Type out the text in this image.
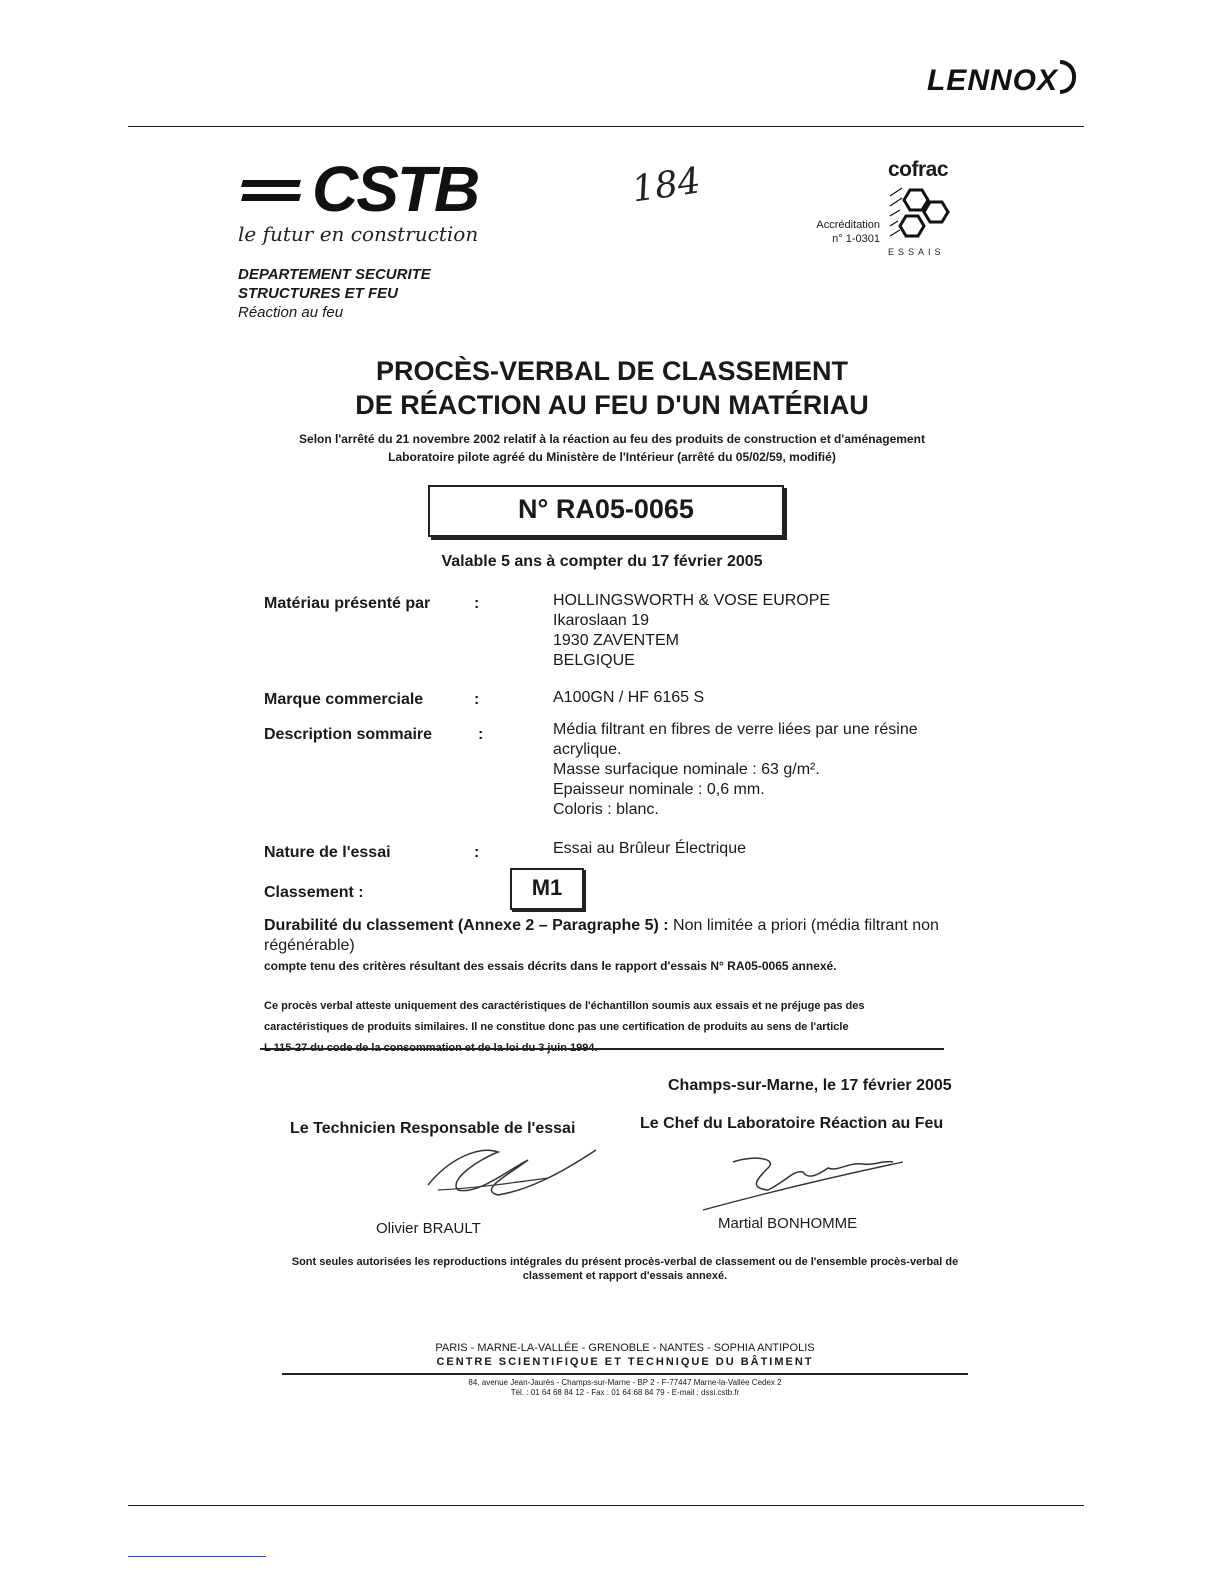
LENNOX
CSTB
le futur en construction
DEPARTEMENT SECURITE
STRUCTURES ET FEU
Réaction au feu
184
Accréditation
n° 1-0301
cofrac
ESSAIS
PROCÈS-VERBAL DE CLASSEMENT
DE RÉACTION AU FEU D'UN MATÉRIAU
Selon l'arrêté du 21 novembre 2002 relatif à la réaction au feu des produits de construction et d'aménagement
Laboratoire pilote agréé du Ministère de l'Intérieur (arrêté du 05/02/59, modifié)
N° RA05-0065
Valable 5 ans à compter du 17 février 2005
Matériau présenté par	:	HOLLINGSWORTH & VOSE EUROPE
Ikaroslaan 19
1930 ZAVENTEM
BELGIQUE
Marque commerciale	:	A100GN / HF 6165 S
Description sommaire	:	Média filtrant en fibres de verre liées par une résine
acrylique.
Masse surfacique nominale : 63 g/m².
Epaisseur nominale : 0,6 mm.
Coloris : blanc.
Nature de l'essai	:	Essai au Brûleur Électrique
Classement :	M1
Durabilité du classement (Annexe 2 – Paragraphe 5) : Non limitée a priori (média filtrant non régénérable)
compte tenu des critères résultant des essais décrits dans le rapport d'essais N° RA05-0065 annexé.
Ce procès verbal atteste uniquement des caractéristiques de l'échantillon soumis aux essais et ne préjuge pas des
caractéristiques de produits similaires. Il ne constitue donc pas une certification de produits au sens de l'article
Champs-sur-Marne, le 17 février 2005
Le Technicien Responsable de l'essai	Le Chef du Laboratoire Réaction au Feu
Olivier BRAULT	Martial BONHOMME
Sont seules autorisées les reproductions intégrales du présent procès-verbal de classement ou de l'ensemble procès-verbal de
classement et rapport d'essais annexé.
PARIS - MARNE-LA-VALLÉE - GRENOBLE - NANTES - SOPHIA ANTIPOLIS
CENTRE SCIENTIFIQUE ET TECHNIQUE DU BÂTIMENT
84, avenue Jean-Jaurès - Champs-sur-Marne - BP 2 - F-77447 Marne-la-Vallée Cedex 2
Tél. : 01 64 68 84 12 - Fax : 01 64 68 84 79 - E-mail : dssi.cstb.fr
